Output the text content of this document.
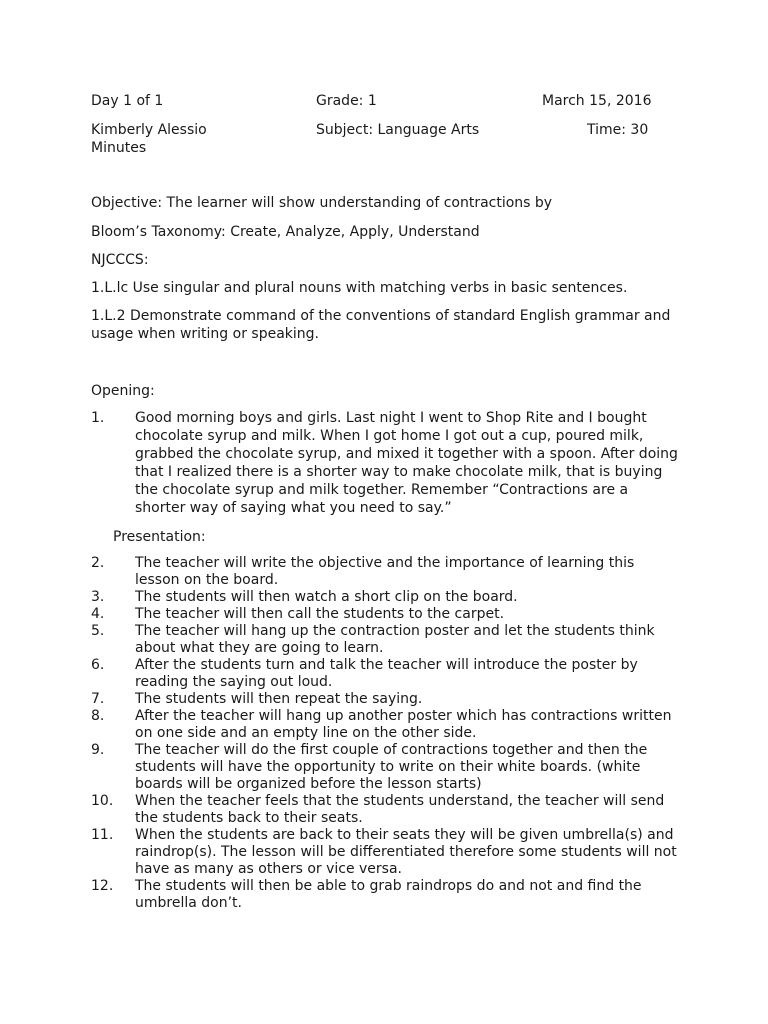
Day 1 of 1	Grade: 1	March 15, 2016
Kimberly Alessio	Subject: Language Arts	Time: 30
Minutes
Objective: The learner will show understanding of contractions by
Bloom’s Taxonomy: Create, Analyze, Apply, Understand
NJCCCS:
1.L.lc Use singular and plural nouns with matching verbs in basic sentences.
1.L.2 Demonstrate command of the conventions of standard English grammar and usage when writing or speaking.
Opening:
1.	Good morning boys and girls. Last night I went to Shop Rite and I bought chocolate syrup and milk. When I got home I got out a cup, poured milk, grabbed the chocolate syrup, and mixed it together with a spoon. After doing that I realized there is a shorter way to make chocolate milk, that is buying the chocolate syrup and milk together. Remember “Contractions are a shorter way of saying what you need to say.”
Presentation:
2.	The teacher will write the objective and the importance of learning this lesson on the board.
3.	The students will then watch a short clip on the board.
4.	The teacher will then call the students to the carpet.
5.	The teacher will hang up the contraction poster and let the students think about what they are going to learn.
6.	After the students turn and talk the teacher will introduce the poster by reading the saying out loud.
7.	The students will then repeat the saying.
8.	After the teacher will hang up another poster which has contractions written on one side and an empty line on the other side.
9.	The teacher will do the first couple of contractions together and then the students will have the opportunity to write on their white boards. (white boards will be organized before the lesson starts)
10.	When the teacher feels that the students understand, the teacher will send the students back to their seats.
11.	When the students are back to their seats they will be given umbrella(s) and raindrop(s). The lesson will be differentiated therefore some students will not have as many as others or vice versa.
12.	The students will then be able to grab raindrops do and not and find the umbrella don’t.
